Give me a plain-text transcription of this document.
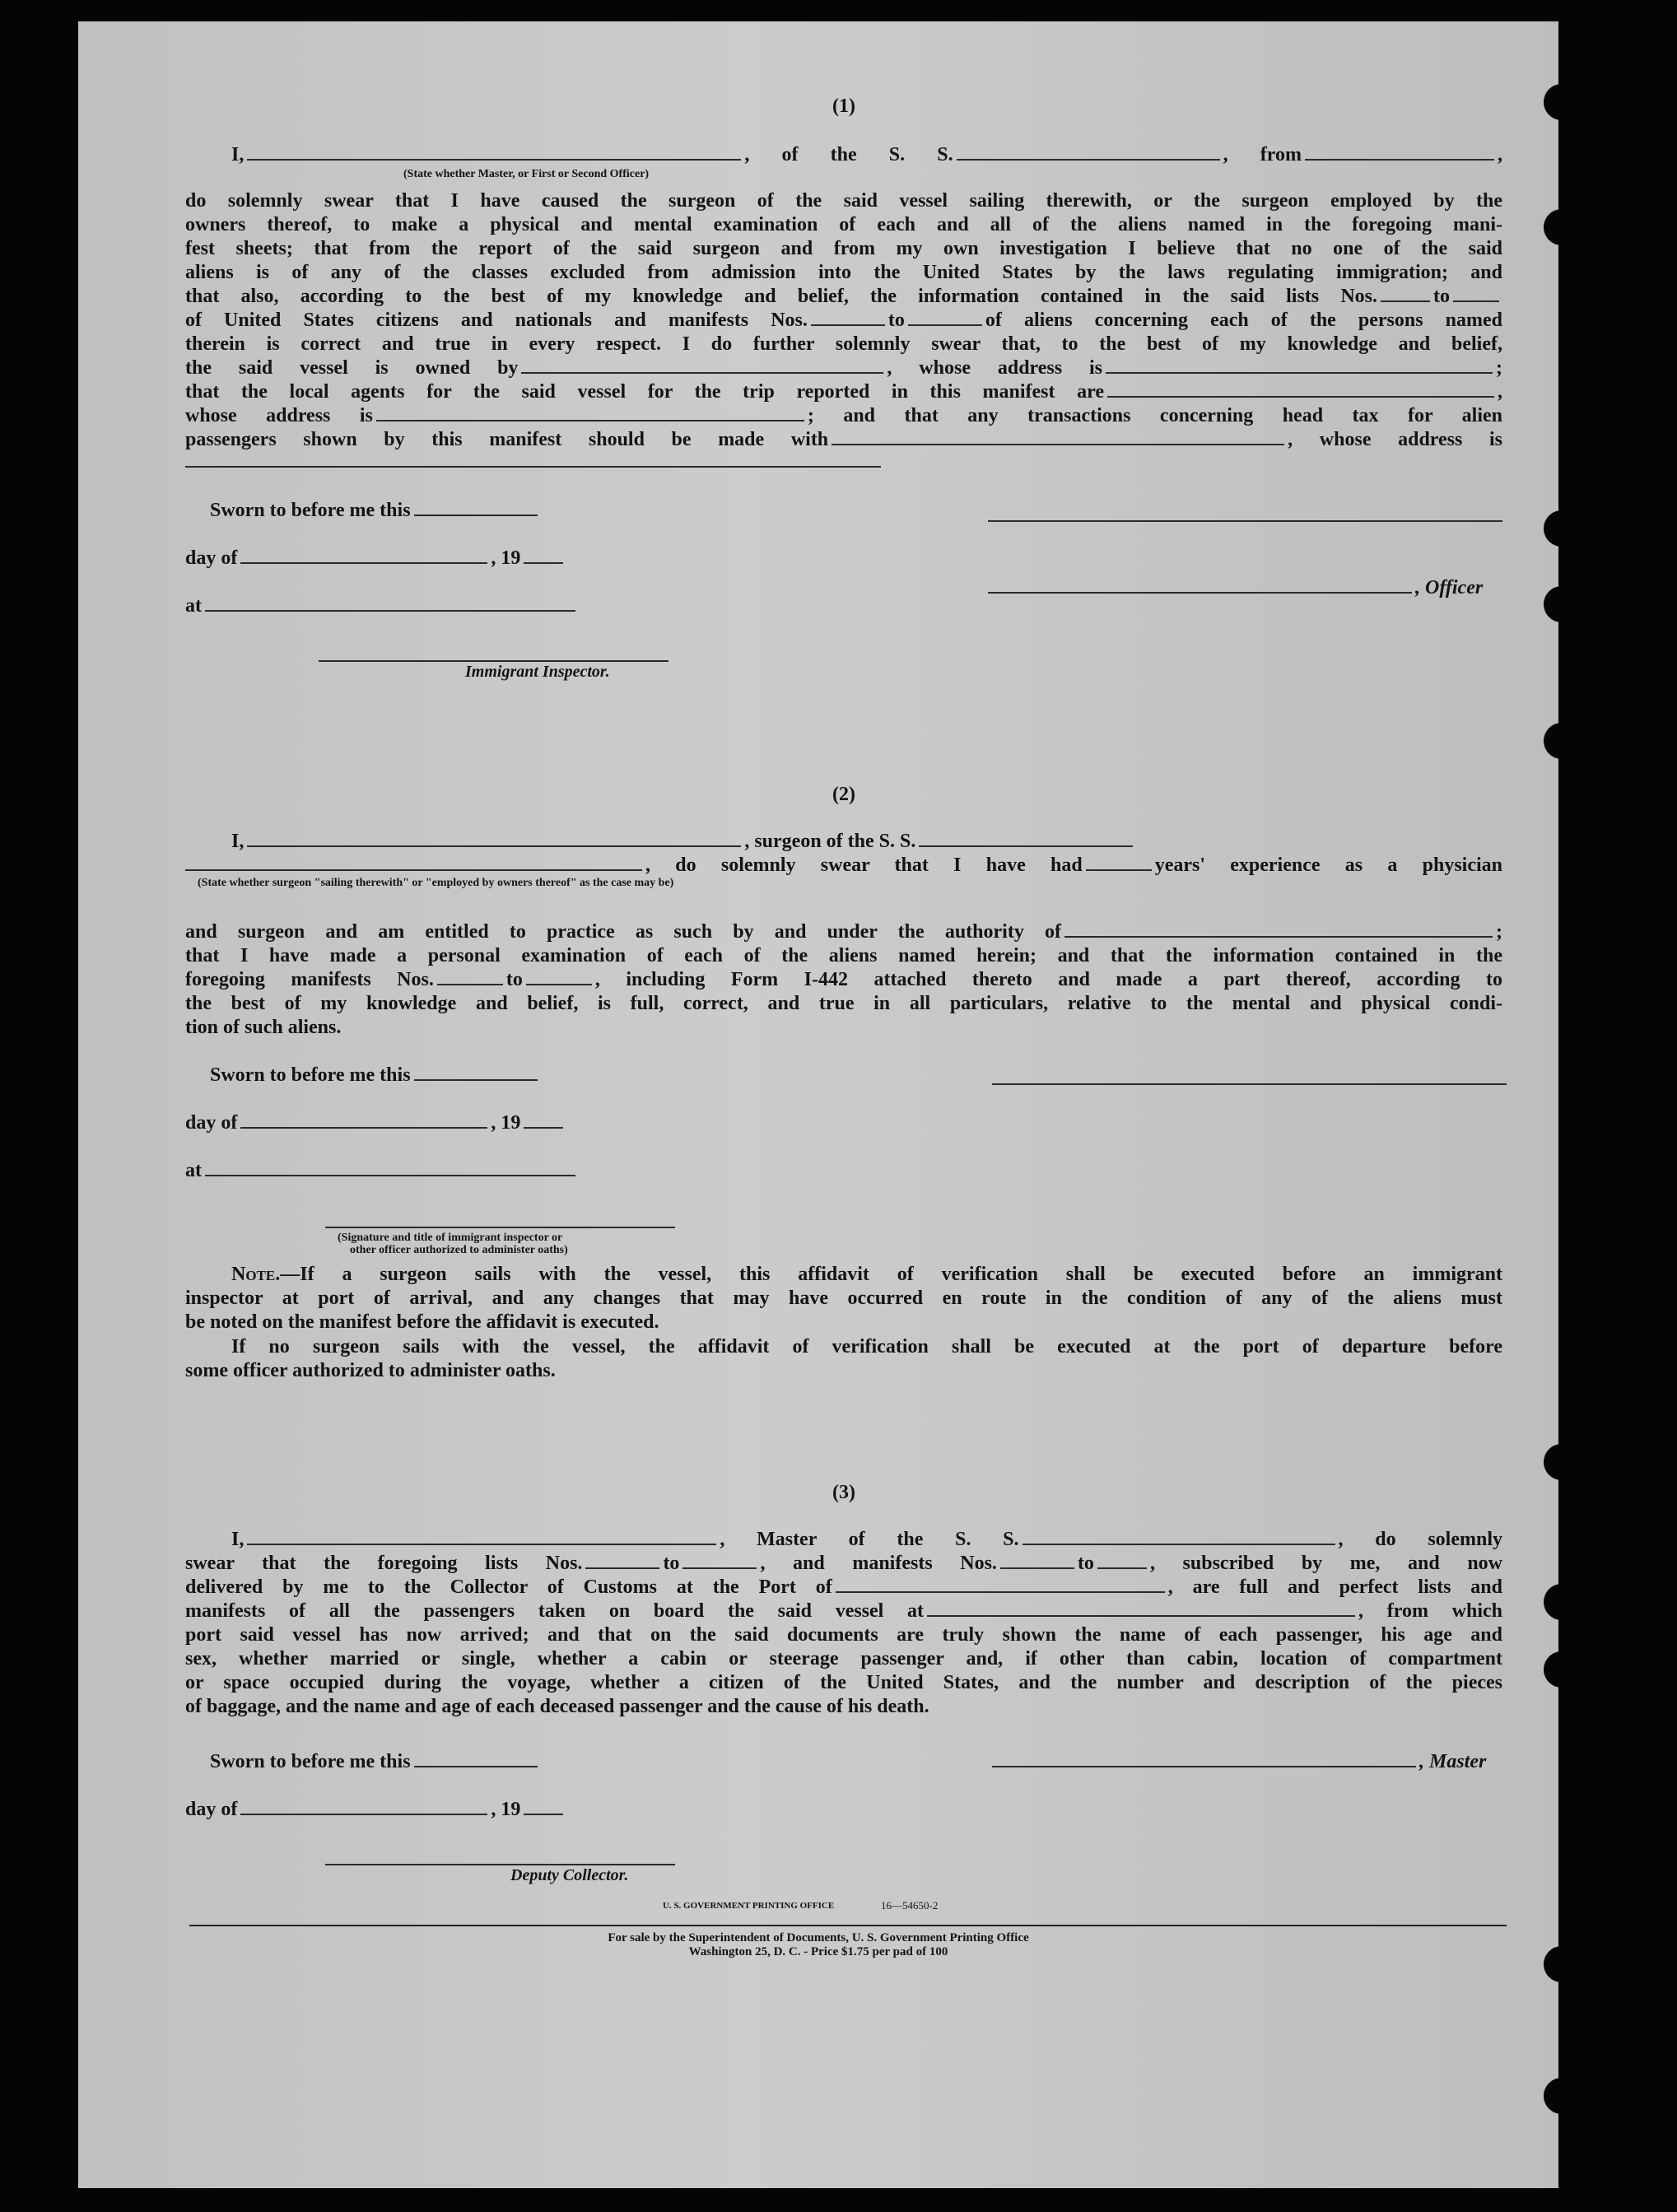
(1)
I,	, of the S. S.	, from	,
(State whether Master, or First or Second Officer)
do solemnly swear that I have caused the surgeon of the said vessel sailing therewith, or the surgeon employed by the
owners thereof, to make a physical and mental examination of each and all of the aliens named in the foregoing mani-
fest sheets; that from the report of the said surgeon and from my own investigation I believe that no one of the said
aliens is of any of the classes excluded from admission into the United States by the laws regulating immigration; and
that also, according to the best of my knowledge and belief, the information contained in the said lists Nos.	to
of United States citizens and nationals and manifests Nos.	to	of aliens concerning each of the persons named
therein is correct and true in every respect. I do further solemnly swear that, to the best of my knowledge and belief,
the said vessel is owned by	, whose address is	;
that the local agents for the said vessel for the trip reported in this manifest are	,
whose address is	; and that any transactions concerning head tax for alien
passengers shown by this manifest should be made with	, whose address is
Sworn to before me this
day of	, 19
, Officer
at
Immigrant Inspector.
(2)
I,	, surgeon of the S. S.
, do solemnly swear that I have had	years' experience as a physician
(State whether surgeon "sailing therewith" or "employed by owners thereof" as the case may be)
and surgeon and am entitled to practice as such by and under the authority of	;
that I have made a personal examination of each of the aliens named herein; and that the information contained in the
foregoing manifests Nos.	to	, including Form I-442 attached thereto and made a part thereof, according to
the best of my knowledge and belief, is full, correct, and true in all particulars, relative to the mental and physical condi-
tion of such aliens.
Sworn to before me this
day of	, 19
at
(Signature and title of immigrant inspector or
other officer authorized to administer oaths)
Note.—If a surgeon sails with the vessel, this affidavit of verification shall be executed before an immigrant
inspector at port of arrival, and any changes that may have occurred en route in the condition of any of the aliens must
be noted on the manifest before the affidavit is executed.
If no surgeon sails with the vessel, the affidavit of verification shall be executed at the port of departure before
some officer authorized to administer oaths.
(3)
I,	, Master of the S. S.	, do solemnly
swear that the foregoing lists Nos.	to	, and manifests Nos.	to	, subscribed by me, and now
delivered by me to the Collector of Customs at the Port of	, are full and perfect lists and
manifests of all the passengers taken on board the said vessel at	, from which
port said vessel has now arrived; and that on the said documents are truly shown the name of each passenger, his age and
sex, whether married or single, whether a cabin or steerage passenger and, if other than cabin, location of compartment
or space occupied during the voyage, whether a citizen of the United States, and the number and description of the pieces
of baggage, and the name and age of each deceased passenger and the cause of his death.
Sworn to before me this	, Master
day of	, 19
Deputy Collector.
U. S. GOVERNMENT PRINTING OFFICE	16—54650-2
For sale by the Superintendent of Documents, U. S. Government Printing Office
Washington 25, D. C. - Price $1.75 per pad of 100
